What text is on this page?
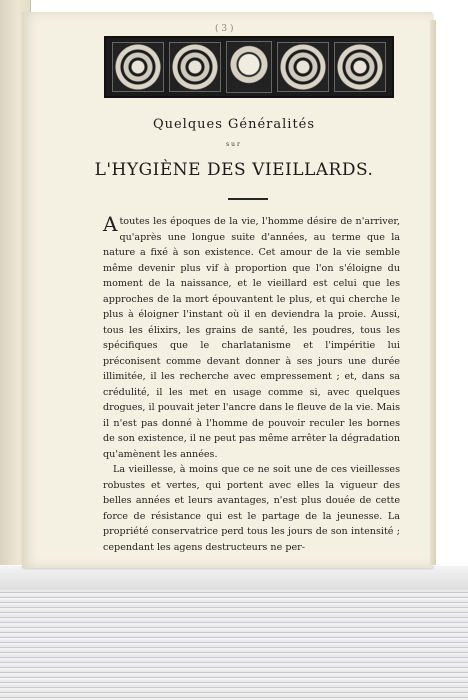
( 3 )
Quelques Généralités
sur
L'HYGIÈNE DES VIEILLARDS.

A toutes les époques de la vie, l'homme désire de n'arriver, qu'après une longue suite d'années, au terme que la nature a fixé à son existence. Cet amour de la vie semble même devenir plus vif à proportion que l'on s'éloigne du moment de la naissance, et le vieillard est celui que les approches de la mort épouvantent le plus, et qui cherche le plus à éloigner l'instant où il en deviendra la proie. Aussi, tous les élixirs, les grains de santé, les poudres, tous les spécifiques que le charlatanisme et l'impéritie lui préconisent comme devant donner à ses jours une durée illimitée, il les recherche avec empressement ; et, dans sa crédulité, il les met en usage comme si, avec quelques drogues, il pouvait jeter l'ancre dans le fleuve de la vie. Mais il n'est pas donné à l'homme de pouvoir reculer les bornes de son existence, il ne peut pas même arrêter la dégradation qu'amènent les années.

La vieillesse, à moins que ce ne soit une de ces vieillesses robustes et vertes, qui portent avec elles la vigueur des belles années et leurs avantages, n'est plus douée de cette force de résistance qui est le partage de la jeunesse. La propriété conservatrice perd tous les jours de son intensité ; cependant les agens destructeurs ne per-
